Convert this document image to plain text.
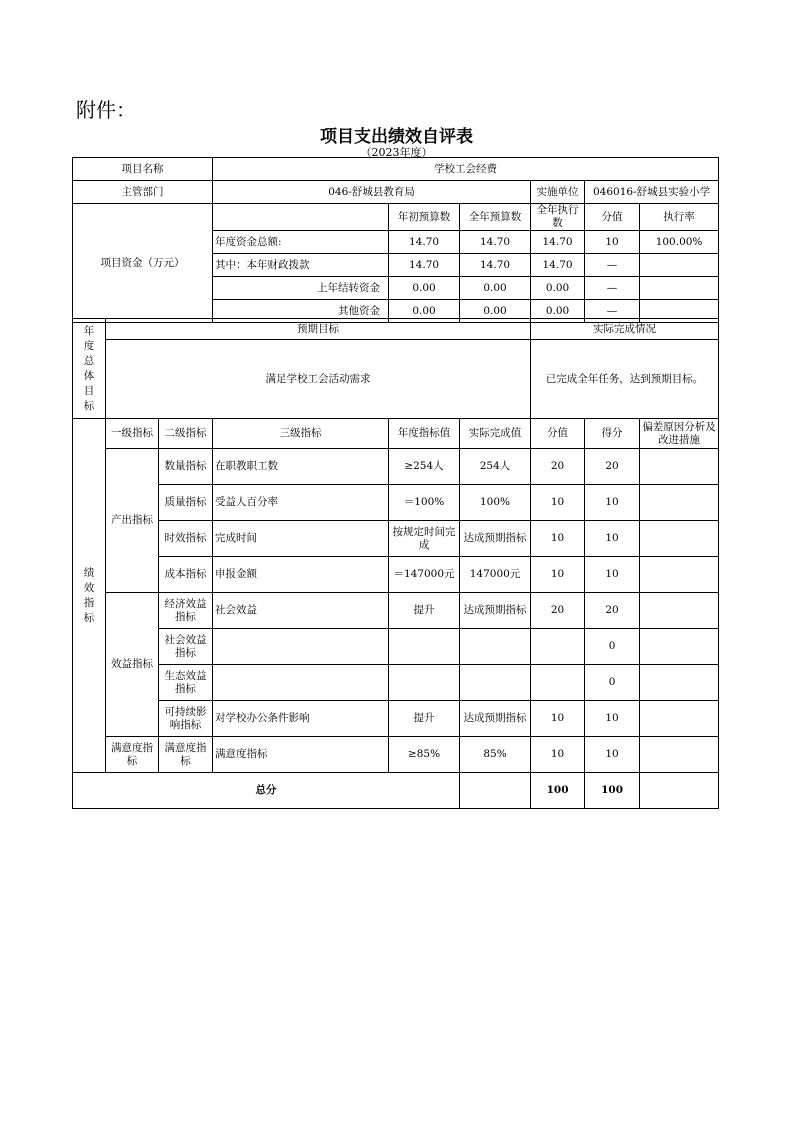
附件：
项目支出绩效自评表
（2023年度）
项目名称	学校工会经费					
主管部门	046-舒城县教育局			实施单位	046016-舒城县实验小学	
项目资金（万元）		年初预算数	全年预算数	全年执行数	分值	执行率
	年度资金总额:	14.70	14.70	14.70	10	100.00%
	其中：本年财政拨款	14.70	14.70	14.70	—	
	上年结转资金	0.00	0.00	0.00	—	
	其他资金	0.00	0.00	0.00	—	
年度总体目标	预期目标					实际完成情况		
	满足学校工会活动需求					已完成全年任务，达到预期目标。		
绩效指标	一级指标	二级指标	三级指标	年度指标值	实际完成值	分值	得分	偏差原因分析及改进措施
	产出指标	数量指标	在职教职工数	≥254人	254人	20	20	
		质量指标	受益人百分率	＝100%	100%	10	10	
		时效指标	完成时间	按规定时间完成	达成预期指标	10	10	
		成本指标	申报金额	＝147000元	147000元	10	10	
	效益指标	经济效益指标	社会效益	提升	达成预期指标	20	20	
		社会效益指标					0	
		生态效益指标					0	
		可持续影响指标	对学校办公条件影响	提升	达成预期指标	10	10	
	满意度指标	满意度指标	满意度指标	≥85%	85%	10	10	
总分						100	100	
